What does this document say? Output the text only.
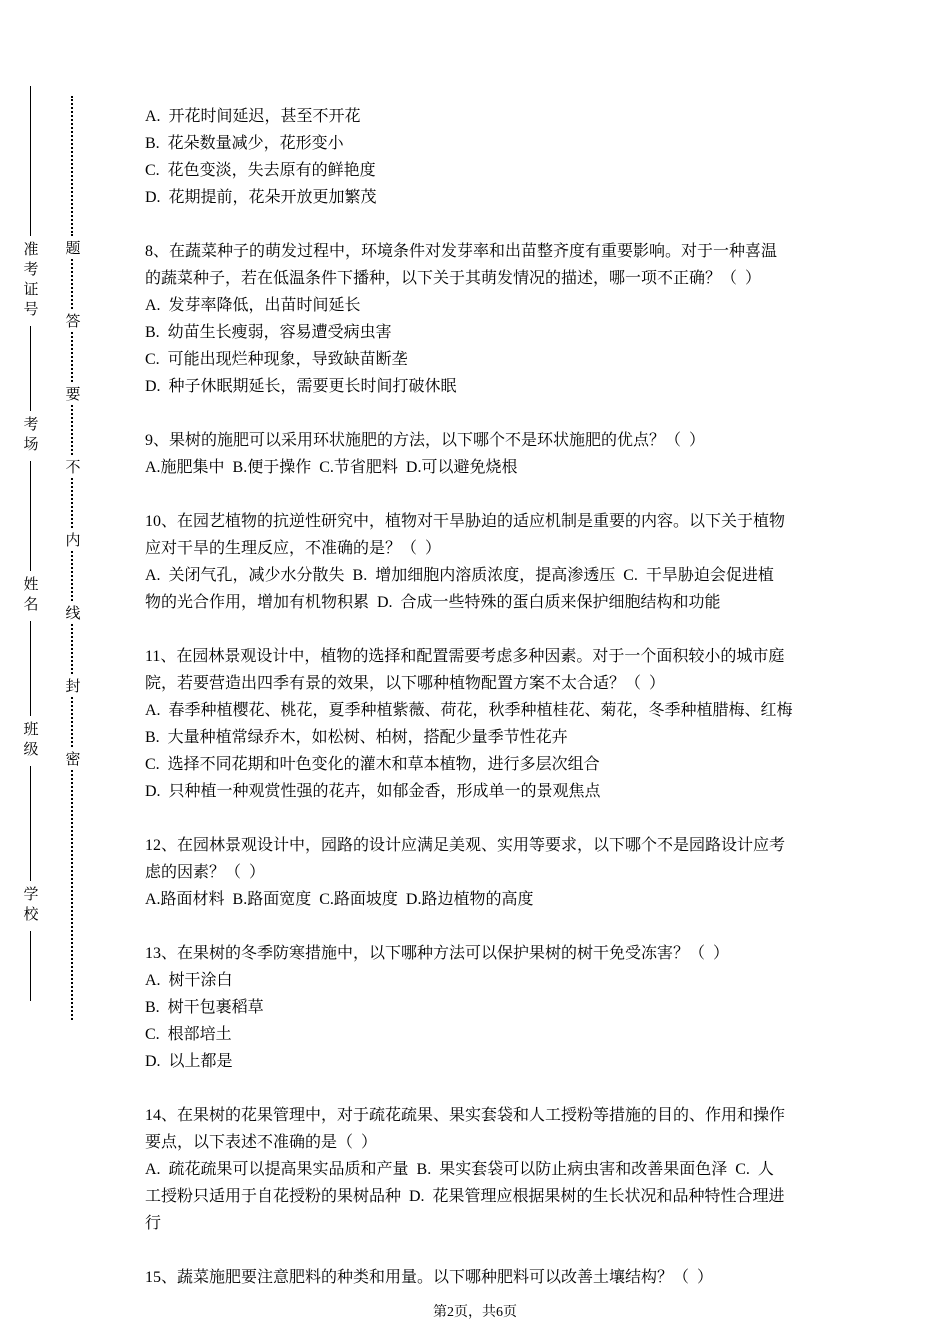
准考证号
考场
姓名
班级
学校
题
答
要
不
内
线
封
密
A.  开花时间延迟，甚至不开花
B.  花朵数量减少，花形变小
C.  花色变淡，失去原有的鲜艳度
D.  花期提前，花朵开放更加繁茂
8、在蔬菜种子的萌发过程中，环境条件对发芽率和出苗整齐度有重要影响。对于一种喜温
的蔬菜种子，若在低温条件下播种，以下关于其萌发情况的描述，哪一项不正确？（  ）
A.  发芽率降低，出苗时间延长
B.  幼苗生长瘦弱，容易遭受病虫害
C.  可能出现烂种现象，导致缺苗断垄
D.  种子休眠期延长，需要更长时间打破休眠
9、果树的施肥可以采用环状施肥的方法，以下哪个不是环状施肥的优点？（  ）
A.施肥集中  B.便于操作  C.节省肥料  D.可以避免烧根
10、在园艺植物的抗逆性研究中，植物对干旱胁迫的适应机制是重要的内容。以下关于植物
应对干旱的生理反应，不准确的是？（  ）
A.  关闭气孔，减少水分散失  B.  增加细胞内溶质浓度，提高渗透压  C.  干旱胁迫会促进植
物的光合作用，增加有机物积累  D.  合成一些特殊的蛋白质来保护细胞结构和功能
11、在园林景观设计中，植物的选择和配置需要考虑多种因素。对于一个面积较小的城市庭
院，若要营造出四季有景的效果，以下哪种植物配置方案不太合适？（  ）
A.  春季种植樱花、桃花，夏季种植紫薇、荷花，秋季种植桂花、菊花，冬季种植腊梅、红梅
B.  大量种植常绿乔木，如松树、柏树，搭配少量季节性花卉
C.  选择不同花期和叶色变化的灌木和草本植物，进行多层次组合
D.  只种植一种观赏性强的花卉，如郁金香，形成单一的景观焦点
12、在园林景观设计中，园路的设计应满足美观、实用等要求，以下哪个不是园路设计应考
虑的因素？（  ）
A.路面材料  B.路面宽度  C.路面坡度  D.路边植物的高度
13、在果树的冬季防寒措施中，以下哪种方法可以保护果树的树干免受冻害？（  ）
A.  树干涂白
B.  树干包裹稻草
C.  根部培土
D.  以上都是
14、在果树的花果管理中，对于疏花疏果、果实套袋和人工授粉等措施的目的、作用和操作
要点，以下表述不准确的是（  ）
A.  疏花疏果可以提高果实品质和产量  B.  果实套袋可以防止病虫害和改善果面色泽  C.  人
工授粉只适用于自花授粉的果树品种  D.  花果管理应根据果树的生长状况和品种特性合理进
行
15、蔬菜施肥要注意肥料的种类和用量。以下哪种肥料可以改善土壤结构？（  ）
第2页，共6页
